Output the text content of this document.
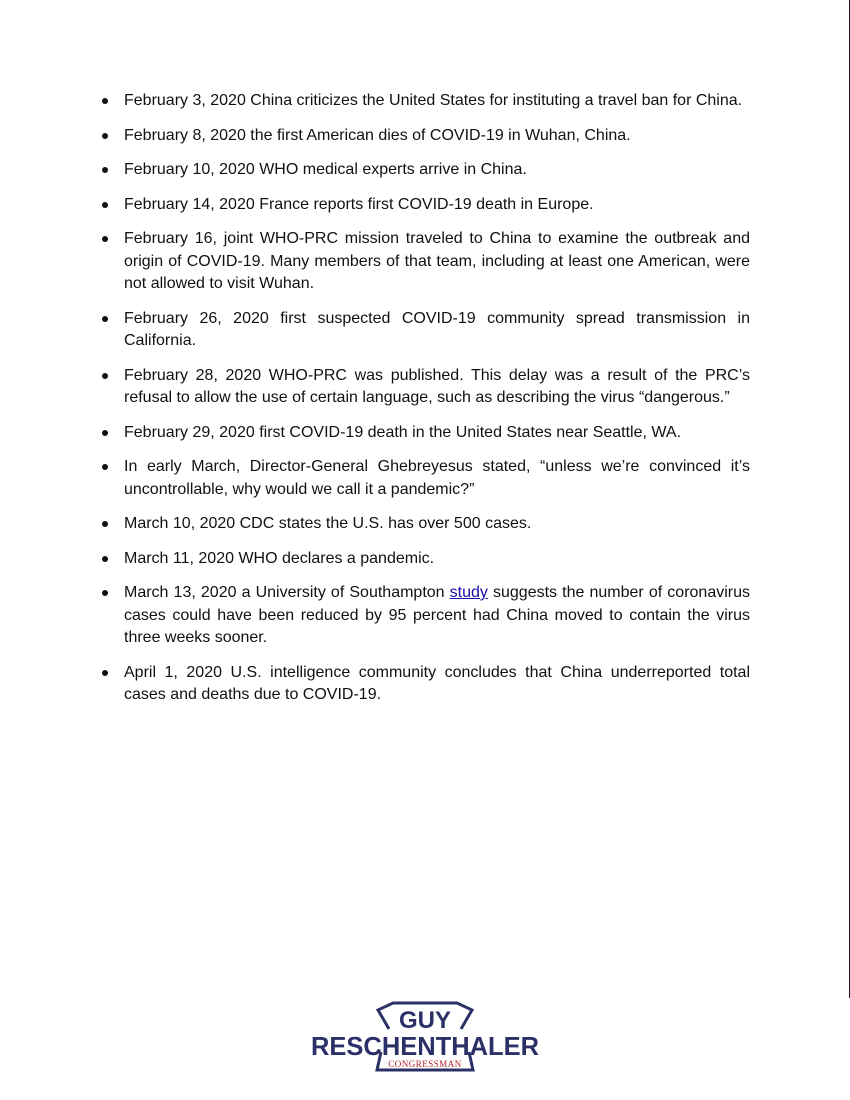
February 3, 2020 China criticizes the United States for instituting a travel ban for China.
February 8, 2020 the first American dies of COVID-19 in Wuhan, China.
February 10, 2020 WHO medical experts arrive in China.
February 14, 2020 France reports first COVID-19 death in Europe.
February 16, joint WHO-PRC mission traveled to China to examine the outbreak and origin of COVID-19. Many members of that team, including at least one American, were not allowed to visit Wuhan.
February 26, 2020 first suspected COVID-19 community spread transmission in California.
February 28, 2020 WHO-PRC was published. This delay was a result of the PRC’s refusal to allow the use of certain language, such as describing the virus “dangerous.”
February 29, 2020 first COVID-19 death in the United States near Seattle, WA.
In early March, Director-General Ghebreyesus stated, “unless we’re convinced it’s uncontrollable, why would we call it a pandemic?”
March 10, 2020 CDC states the U.S. has over 500 cases.
March 11, 2020 WHO declares a pandemic.
March 13, 2020 a University of Southampton study suggests the number of coronavirus cases could have been reduced by 95 percent had China moved to contain the virus three weeks sooner.
April 1, 2020 U.S. intelligence community concludes that China underreported total cases and deaths due to COVID-19.
GUY
RESCHENTHALER
CONGRESSMAN
